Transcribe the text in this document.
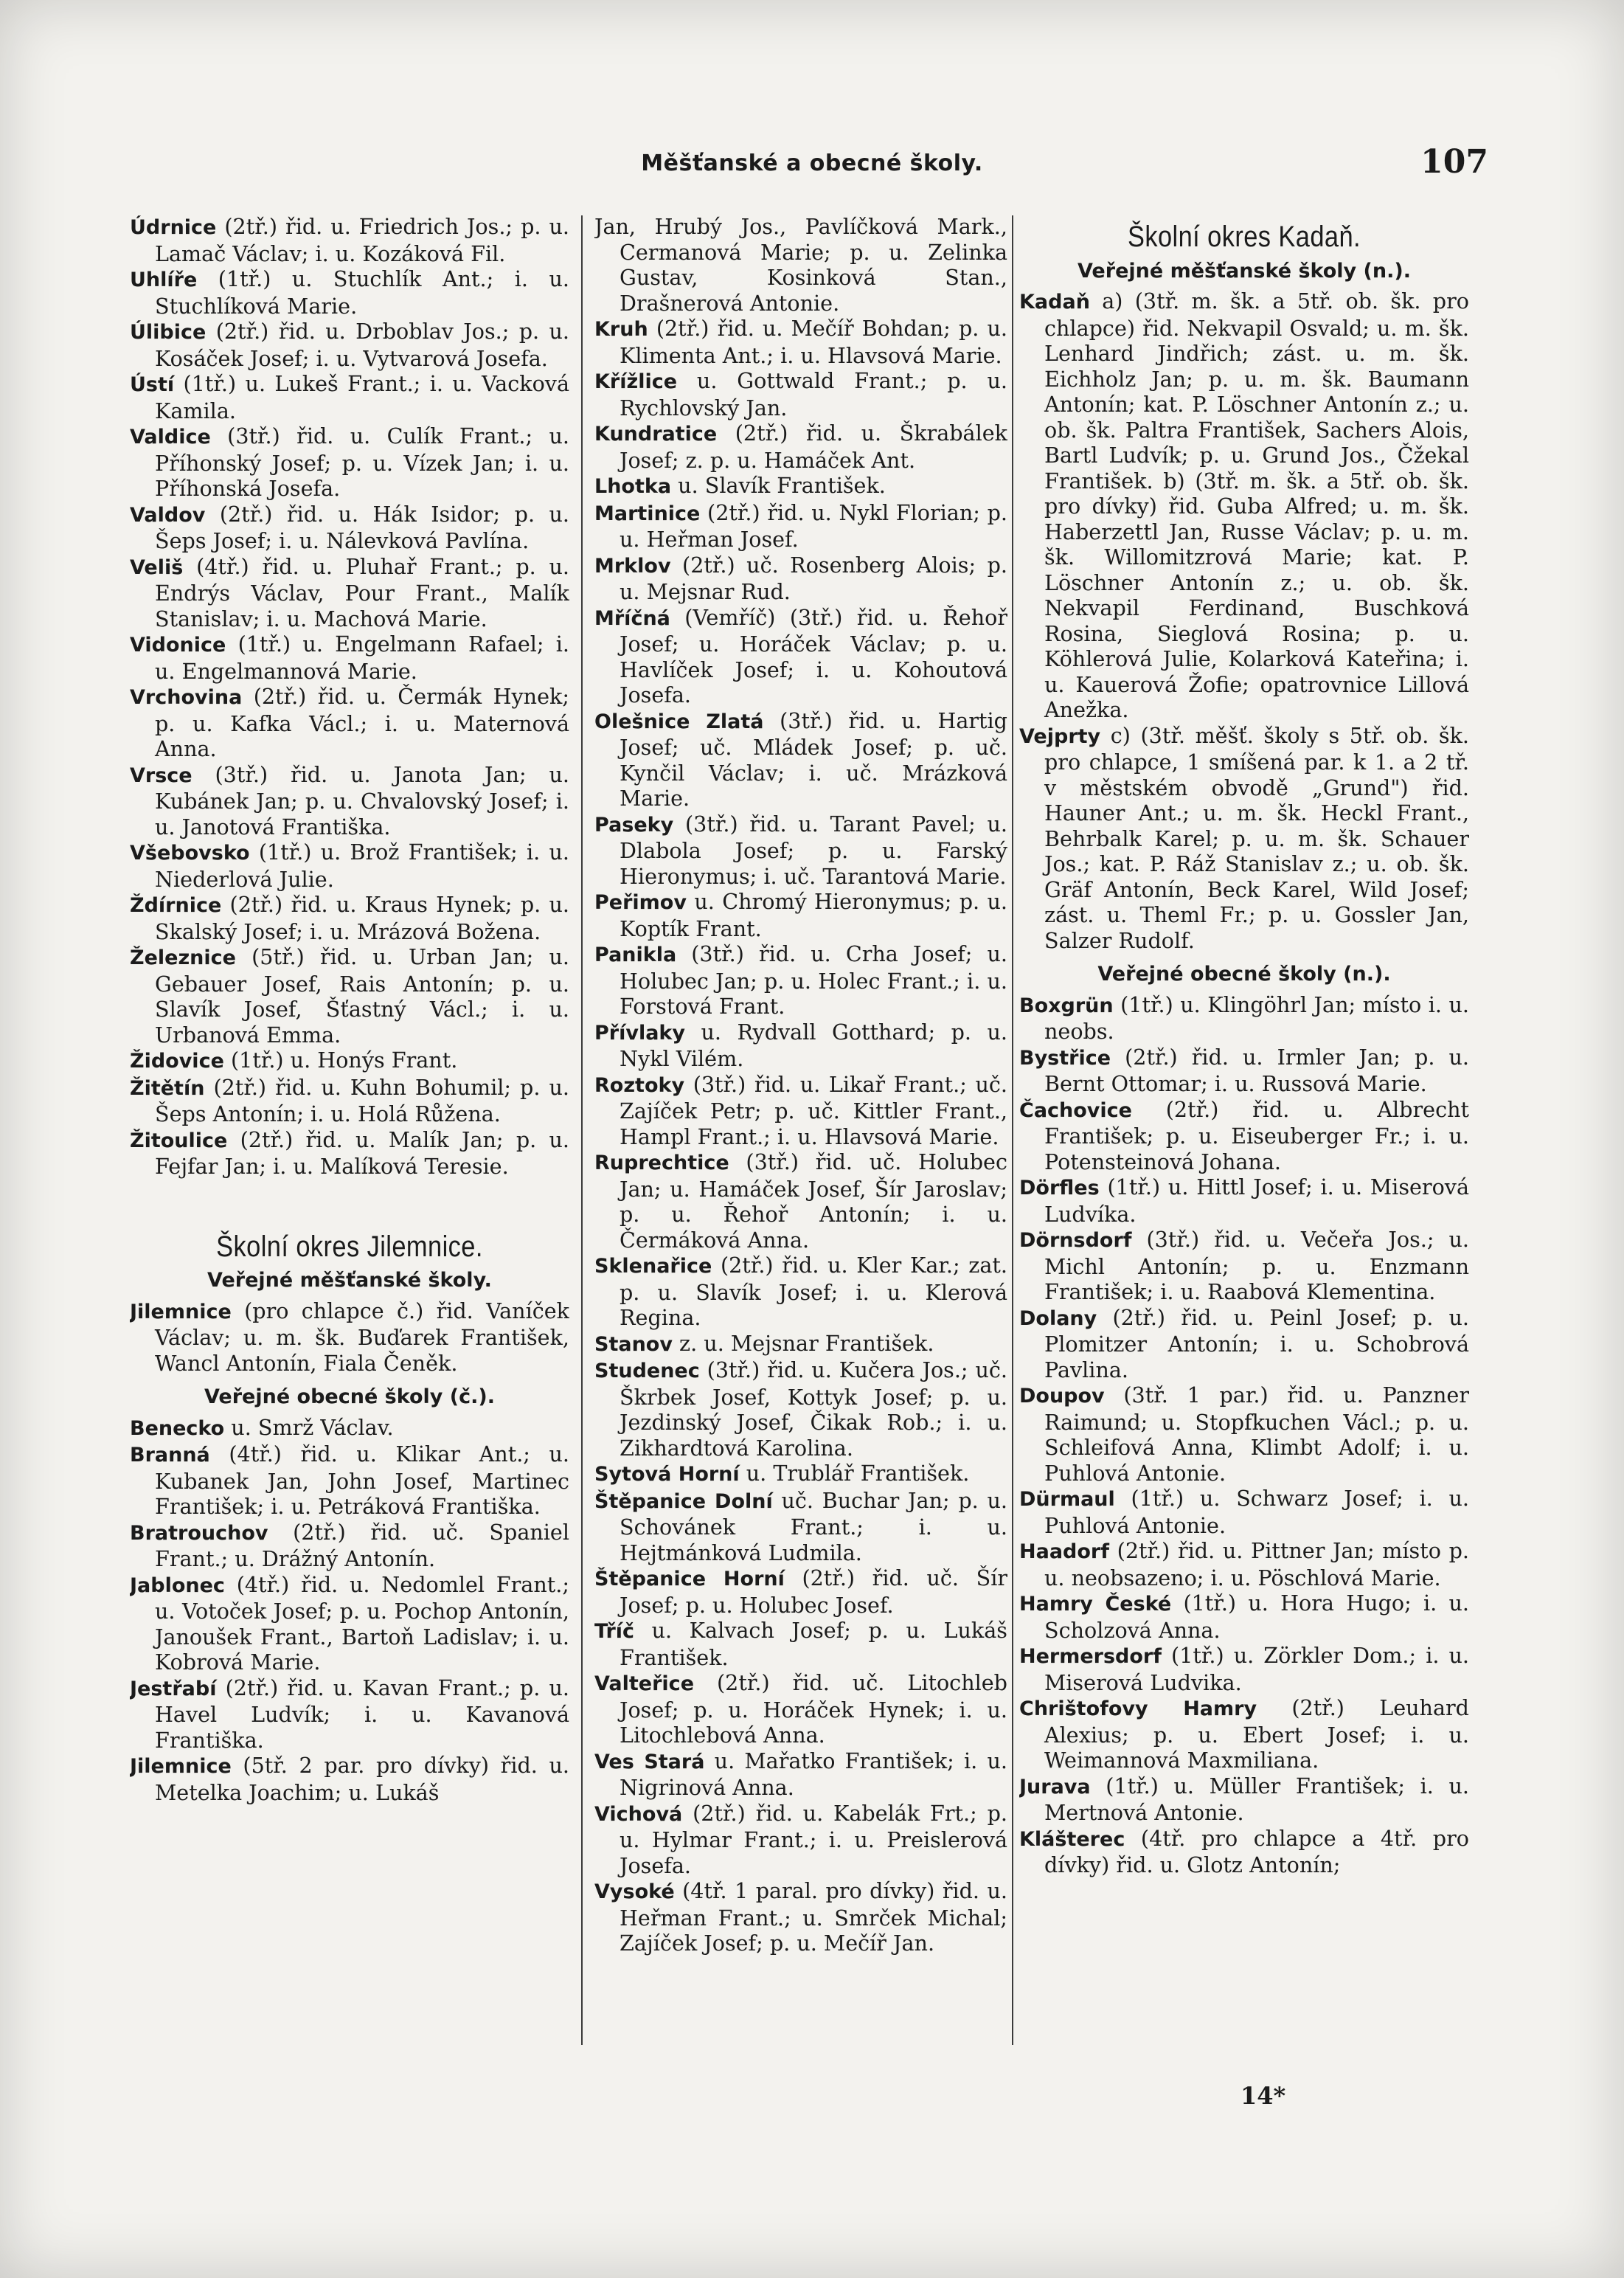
Měšťanské a obecné školy.	107

Údrnice (2tř.) řid. u. Friedrich Jos.; p. u. Lamač Václav; i. u. Kozáková Fil.

Uhlíře (1tř.) u. Stuchlík Ant.; i. u. Stuchlíková Marie.

Úlibice (2tř.) řid. u. Drboblav Jos.; p. u. Kosáček Josef; i. u. Vytvarová Josefa.

Ústí (1tř.) u. Lukeš Frant.; i. u. Vacková Kamila.

Valdice (3tř.) řid. u. Culík Frant.; u. Příhonský Josef; p. u. Vízek Jan; i. u. Příhonská Josefa.

Valdov (2tř.) řid. u. Hák Isidor; p. u. Šeps Josef; i. u. Nálevková Pavlína.

Veliš (4tř.) řid. u. Pluhař Frant.; p. u. Endrýs Václav, Pour Frant., Malík Stanislav; i. u. Machová Marie.

Vidonice (1tř.) u. Engelmann Rafael; i. u. Engelmannová Marie.

Vrchovina (2tř.) řid. u. Čermák Hynek; p. u. Kafka Václ.; i. u. Maternová Anna.

Vrsce (3tř.) řid. u. Janota Jan; u. Kubánek Jan; p. u. Chvalovský Josef; i. u. Janotová Františka.

Všebovsko (1tř.) u. Brož František; i. u. Niederlová Julie.

Ždírnice (2tř.) řid. u. Kraus Hynek; p. u. Skalský Josef; i. u. Mrázová Božena.

Železnice (5tř.) řid. u. Urban Jan; u. Gebauer Josef, Rais Antonín; p. u. Slavík Josef, Šťastný Václ.; i. u. Urbanová Emma.

Židovice (1tř.) u. Honýs Frant.

Žitětín (2tř.) řid. u. Kuhn Bohumil; p. u. Šeps Antonín; i. u. Holá Růžena.

Žitoulice (2tř.) řid. u. Malík Jan; p. u. Fejfar Jan; i. u. Malíková Teresie.

Školní okres Jilemnice.
Veřejné měšťanské školy.

Jilemnice (pro chlapce č.) řid. Vaníček Václav; u. m. šk. Buďarek František, Wancl Antonín, Fiala Čeněk.

Veřejné obecné školy (č.).

Benecko u. Smrž Václav.

Branná (4tř.) řid. u. Klikar Ant.; u. Kubanek Jan, John Josef, Martinec František; i. u. Petráková Františka.

Bratrouchov (2tř.) řid. uč. Spaniel Frant.; u. Drážný Antonín.

Jablonec (4tř.) řid. u. Nedomlel Frant.; u. Votoček Josef; p. u. Pochop Antonín, Janoušek Frant., Bartoň Ladislav; i. u. Kobrová Marie.

Jestřabí (2tř.) řid. u. Kavan Frant.; p. u. Havel Ludvík; i. u. Kavanová Františka.

Jilemnice (5tř. 2 par. pro dívky) řid. u. Metelka Joachim; u. Lukáš

Jan, Hrubý Jos., Pavlíčková Mark., Cermanová Marie; p. u. Zelinka Gustav, Kosinková Stan., Drašnerová Antonie.

Kruh (2tř.) řid. u. Mečíř Bohdan; p. u. Klimenta Ant.; i. u. Hlavsová Marie.

Křížlice u. Gottwald Frant.; p. u. Rychlovský Jan.

Kundratice (2tř.) řid. u. Škrabálek Josef; z. p. u. Hamáček Ant.

Lhotka u. Slavík František.

Martinice (2tř.) řid. u. Nykl Florian; p. u. Heřman Josef.

Mrklov (2tř.) uč. Rosenberg Alois; p. u. Mejsnar Rud.

Mříčná (Vemříč) (3tř.) řid. u. Řehoř Josef; u. Horáček Václav; p. u. Havlíček Josef; i. u. Kohoutová Josefa.

Olešnice Zlatá (3tř.) řid. u. Hartig Josef; uč. Mládek Josef; p. uč. Kynčil Václav; i. uč. Mrázková Marie.

Paseky (3tř.) řid. u. Tarant Pavel; u. Dlabola Josef; p. u. Farský Hieronymus; i. uč. Tarantová Marie.

Peřimov u. Chromý Hieronymus; p. u. Koptík Frant.

Panikla (3tř.) řid. u. Crha Josef; u. Holubec Jan; p. u. Holec Frant.; i. u. Forstová Frant.

Přívlaky u. Rydvall Gotthard; p. u. Nykl Vilém.

Roztoky (3tř.) řid. u. Likař Frant.; uč. Zajíček Petr; p. uč. Kittler Frant., Hampl Frant.; i. u. Hlavsová Marie.

Ruprechtice (3tř.) řid. uč. Holubec Jan; u. Hamáček Josef, Šír Jaroslav; p. u. Řehoř Antonín; i. u. Čermáková Anna.

Sklenařice (2tř.) řid. u. Kler Kar.; zat. p. u. Slavík Josef; i. u. Klerová Regina.

Stanov z. u. Mejsnar František.

Studenec (3tř.) řid. u. Kučera Jos.; uč. Škrbek Josef, Kottyk Josef; p. u. Jezdinský Josef, Čikak Rob.; i. u. Zikhardtová Karolina.

Sytová Horní u. Trublář František.

Štěpanice Dolní uč. Buchar Jan; p. u. Schovánek Frant.; i. u. Hejtmánková Ludmila.

Štěpanice Horní (2tř.) řid. uč. Šír Josef; p. u. Holubec Josef.

Tříč u. Kalvach Josef; p. u. Lukáš František.

Valteřice (2tř.) řid. uč. Litochleb Josef; p. u. Horáček Hynek; i. u. Litochlebová Anna.

Ves Stará u. Mařatko František; i. u. Nigrinová Anna.

Vichová (2tř.) řid. u. Kabelák Frt.; p. u. Hylmar Frant.; i. u. Preislerová Josefa.

Vysoké (4tř. 1 paral. pro dívky) řid. u. Heřman Frant.; u. Smrček Michal; Zajíček Josef; p. u. Mečíř Jan.

Školní okres Kadaň.
Veřejné měšťanské školy (n.).

Kadaň a) (3tř. m. šk. a 5tř. ob. šk. pro chlapce) řid. Nekvapil Osvald; u. m. šk. Lenhard Jindřich; zást. u. m. šk. Eichholz Jan; p. u. m. šk. Baumann Antonín; kat. P. Löschner Antonín z.; u. ob. šk. Paltra František, Sachers Alois, Bartl Ludvík; p. u. Grund Jos., Čžekal František. b) (3tř. m. šk. a 5tř. ob. šk. pro dívky) řid. Guba Alfred; u. m. šk. Haberzettl Jan, Russe Václav; p. u. m. šk. Willomitzrová Marie; kat. P. Löschner Antonín z.; u. ob. šk. Nekvapil Ferdinand, Buschková Rosina, Sieglová Rosina; p. u. Köhlerová Julie, Kolarková Kateřina; i. u. Kauerová Žofie; opatrovnice Lillová Anežka.

Vejprty c) (3tř. měšť. školy s 5tř. ob. šk. pro chlapce, 1 smíšená par. k 1. a 2 tř. v městském obvodě „Grund") řid. Hauner Ant.; u. m. šk. Heckl Frant., Behrbalk Karel; p. u. m. šk. Schauer Jos.; kat. P. Ráž Stanislav z.; u. ob. šk. Gräf Antonín, Beck Karel, Wild Josef; zást. u. Theml Fr.; p. u. Gossler Jan, Salzer Rudolf.

Veřejné obecné školy (n.).

Boxgrün (1tř.) u. Klingöhrl Jan; místo i. u. neobs.

Bystřice (2tř.) řid. u. Irmler Jan; p. u. Bernt Ottomar; i. u. Russová Marie.

Čachovice (2tř.) řid. u. Albrecht František; p. u. Eiseuberger Fr.; i. u. Potensteinová Johana.

Dörfles (1tř.) u. Hittl Josef; i. u. Miserová Ludvíka.

Dörnsdorf (3tř.) řid. u. Večeřa Jos.; u. Michl Antonín; p. u. Enzmann František; i. u. Raabová Klementina.

Dolany (2tř.) řid. u. Peinl Josef; p. u. Plomitzer Antonín; i. u. Schobrová Pavlina.

Doupov (3tř. 1 par.) řid. u. Panzner Raimund; u. Stopfkuchen Václ.; p. u. Schleifová Anna, Klimbt Adolf; i. u. Puhlová Antonie.

Dürmaul (1tř.) u. Schwarz Josef; i. u. Puhlová Antonie.

Haadorf (2tř.) řid. u. Pittner Jan; místo p. u. neobsazeno; i. u. Pöschlová Marie.

Hamry České (1tř.) u. Hora Hugo; i. u. Scholzová Anna.

Hermersdorf (1tř.) u. Zörkler Dom.; i. u. Miserová Ludvika.

Chrištofovy Hamry (2tř.) Leuhard Alexius; p. u. Ebert Josef; i. u. Weimannová Maxmiliana.

Jurava (1tř.) u. Müller František; i. u. Mertnová Antonie.

Klášterec (4tř. pro chlapce a 4tř. pro dívky) řid. u. Glotz Antonín;

14*
